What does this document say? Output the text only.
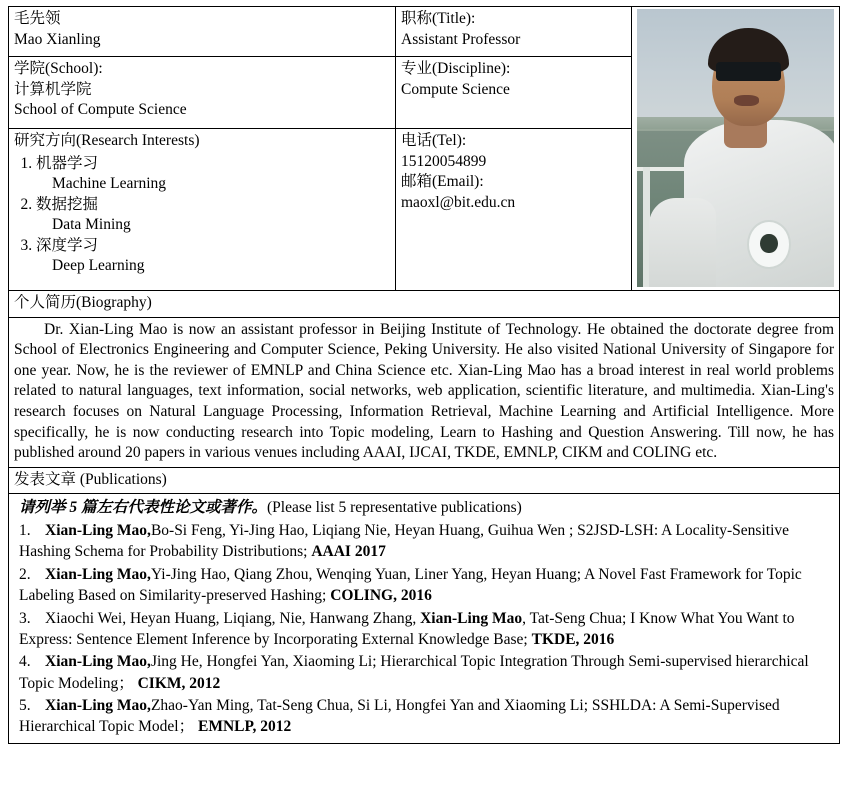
毛先领
Mao Xianling	职称(Title):
Assistant Professor	

学院(School):
计算机学院
School of Compute Science	专业(Discipline):
Compute Science	

研究方向(Research Interests)
1. 机器学习
Machine Learning
2. 数据挖掘
Data Mining
3. 深度学习
Deep Learning

电话(Tel):
15120054899
邮箱(Email):
maoxl@bit.edu.cn

个人简历(Biography)		
Dr. Xian-Ling Mao is now an assistant professor in Beijing Institute of Technology. He obtained the doctorate degree from School of Electronics Engineering and Computer Science, Peking University. He also visited National University of Singapore for one year. Now, he is the reviewer of EMNLP and China Science etc. Xian-Ling Mao has a broad interest in real world problems related to natural languages, text information, social networks, web application, scientific literature, and multimedia. Xian-Ling's research focuses on Natural Language Processing, Information Retrieval, Machine Learning and Artificial Intelligence. More specifically, he is now conducting research into Topic modeling, Learn to Hashing and Question Answering. Till now, he has published around 20 papers in various venues including AAAI, IJCAI, TKDE, EMNLP, CIKM and COLING etc.		
发表文章 (Publications)		

请列举 5 篇左右代表性论文或著作。(Please list 5 representative publications)
1. Xian-Ling Mao,Bo-Si Feng, Yi-Jing Hao, Liqiang Nie, Heyan Huang, Guihua Wen ; S2JSD-LSH: A Locality-Sensitive Hashing Schema for Probability Distributions; AAAI 2017
2. Xian-Ling Mao,Yi-Jing Hao, Qiang Zhou, Wenqing Yuan, Liner Yang, Heyan Huang; A Novel Fast Framework for Topic Labeling Based on Similarity-preserved Hashing; COLING, 2016
3. Xiaochi Wei, Heyan Huang, Liqiang, Nie, Hanwang Zhang, Xian-Ling Mao, Tat-Seng Chua; I Know What You Want to Express: Sentence Element Inference by Incorporating External Knowledge Base; TKDE, 2016
4. Xian-Ling Mao,Jing He, Hongfei Yan, Xiaoming Li; Hierarchical Topic Integration Through Semi-supervised hierarchical Topic Modeling； CIKM, 2012
5. Xian-Ling Mao,Zhao-Yan Ming, Tat-Seng Chua, Si Li, Hongfei Yan and Xiaoming Li; SSHLDA: A Semi-Supervised Hierarchical Topic Model； EMNLP, 2012
